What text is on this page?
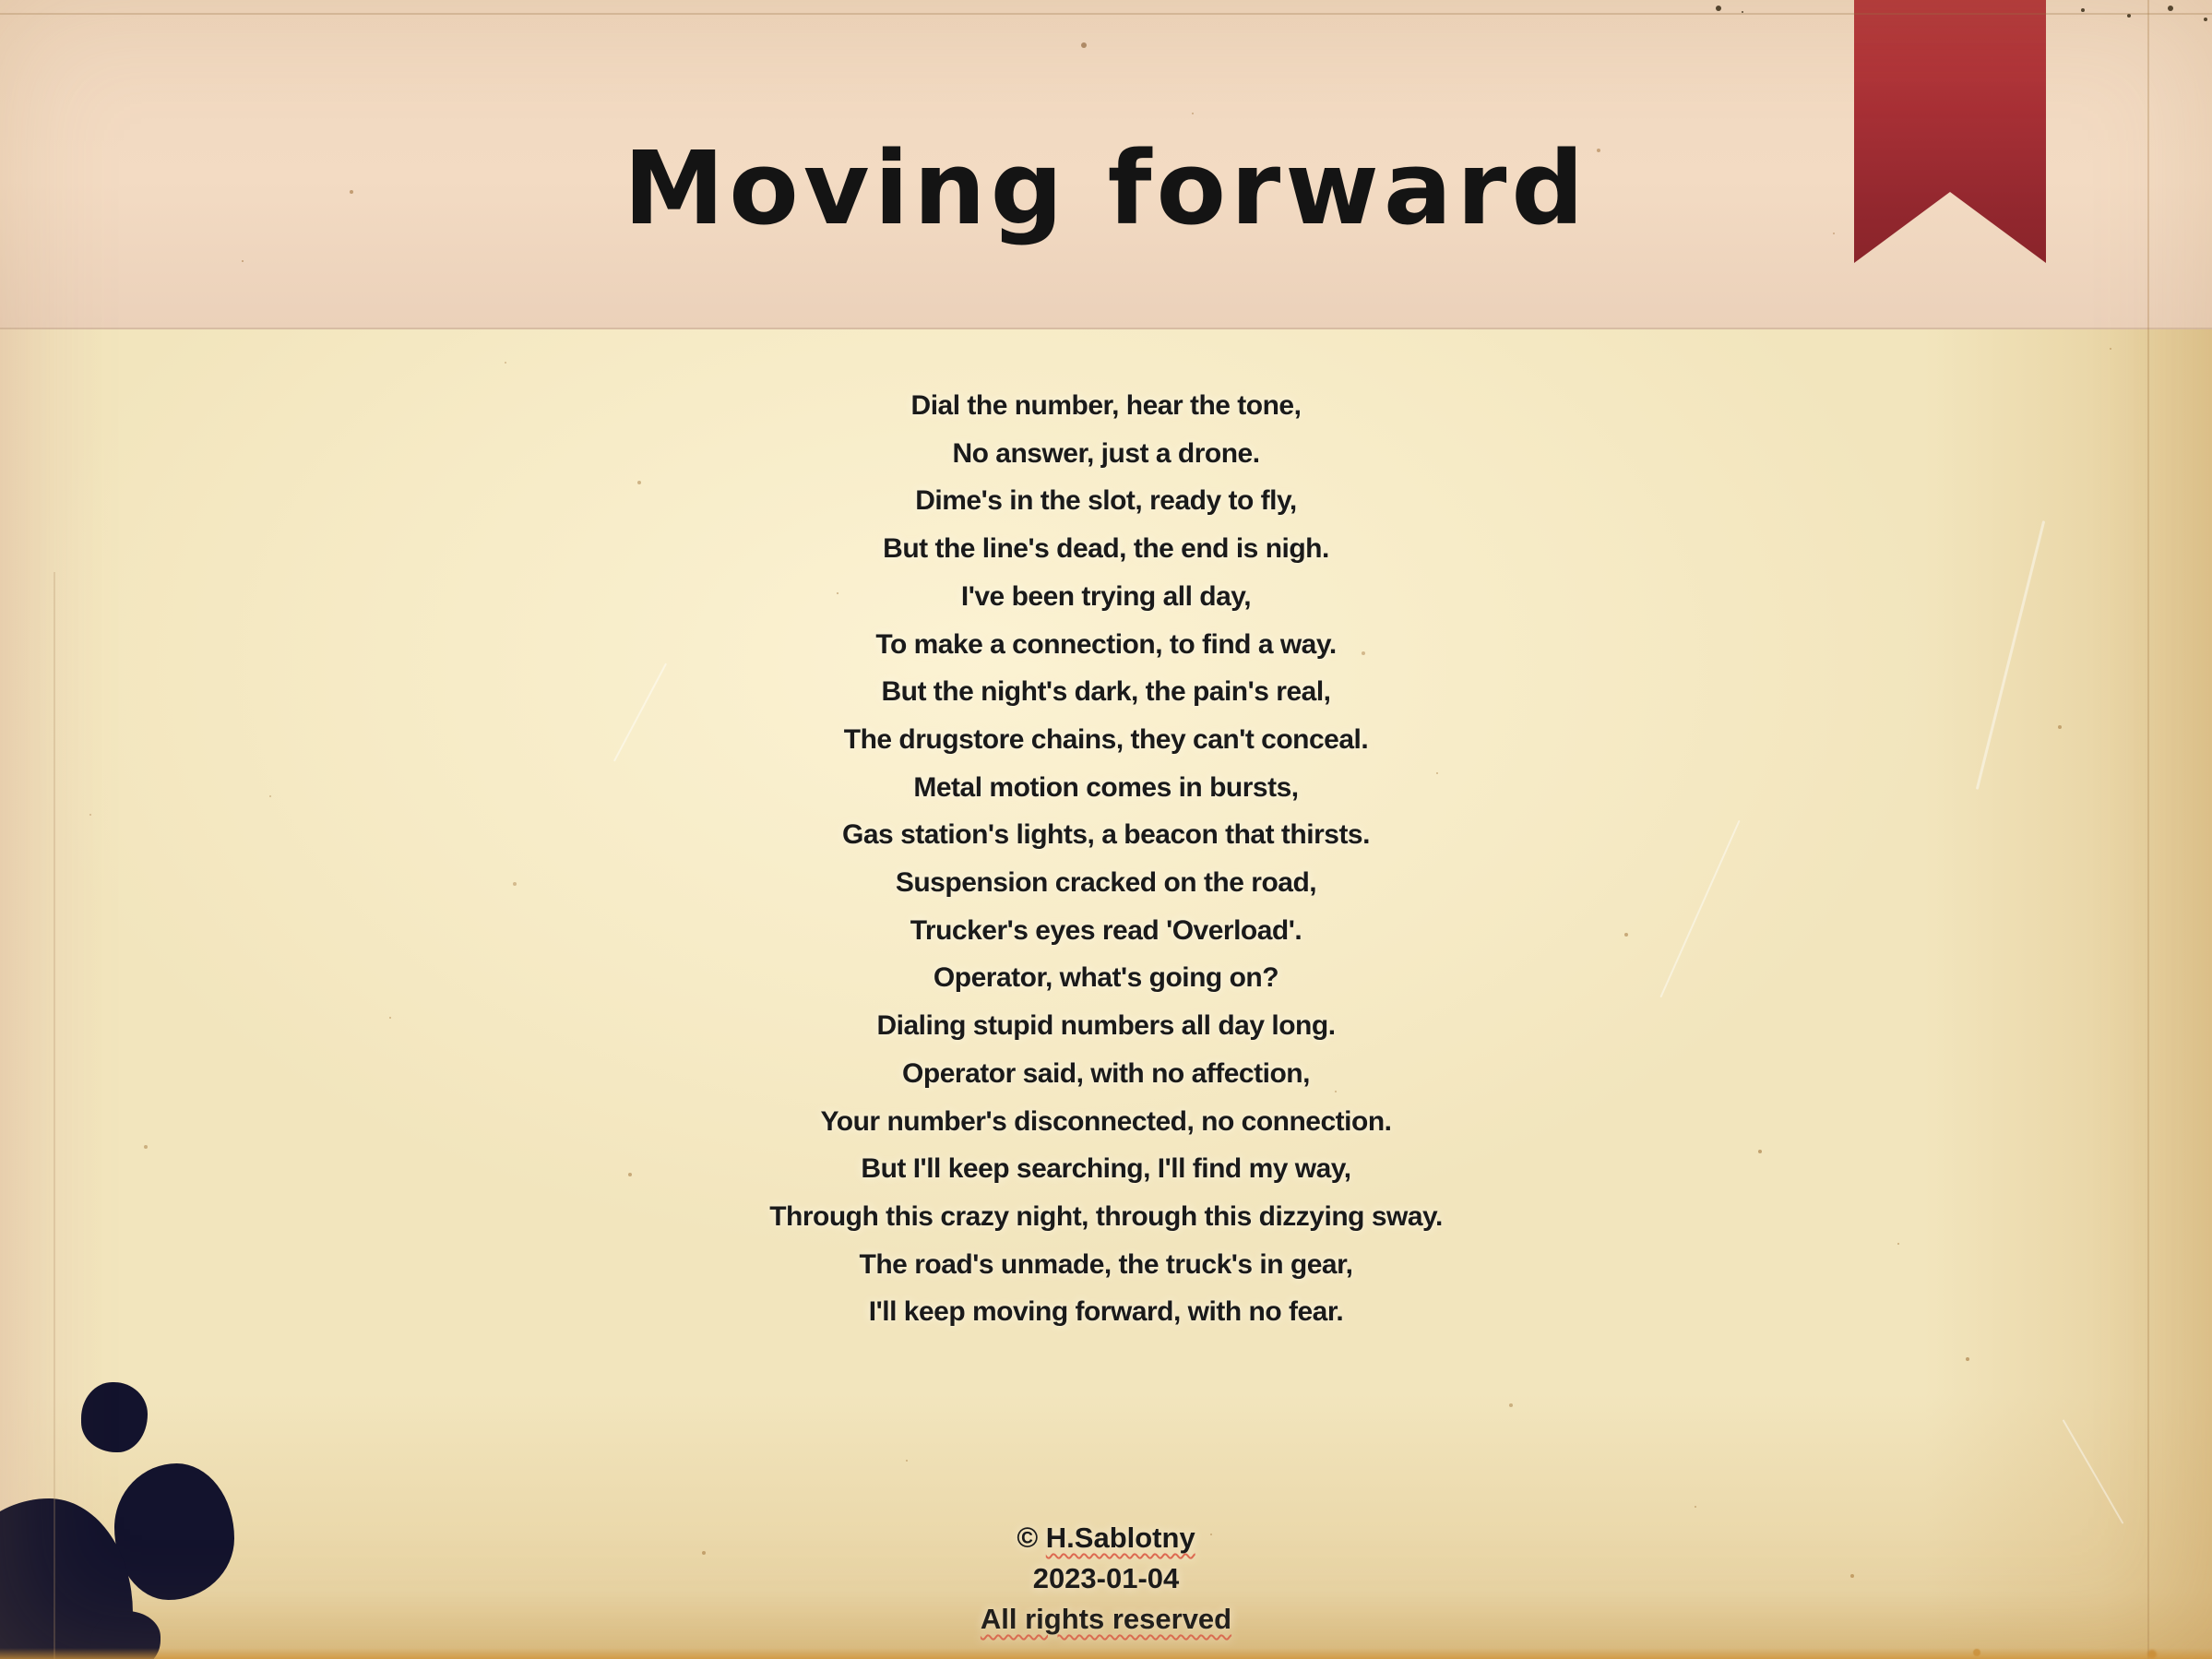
Moving forward
Dial the number, hear the tone,
No answer, just a drone.
Dime's in the slot, ready to fly,
But the line's dead, the end is nigh.
I've been trying all day,
To make a connection, to find a way.
But the night's dark, the pain's real,
The drugstore chains, they can't conceal.
Metal motion comes in bursts,
Gas station's lights, a beacon that thirsts.
Suspension cracked on the road,
Trucker's eyes read 'Overload'.
Operator, what's going on?
Dialing stupid numbers all day long.
Operator said, with no affection,
Your number's disconnected, no connection.
But I'll keep searching, I'll find my way,
Through this crazy night, through this dizzying sway.
The road's unmade, the truck's in gear,
I'll keep moving forward, with no fear.
© H.Sablotny
2023-01-04
All rights reserved
